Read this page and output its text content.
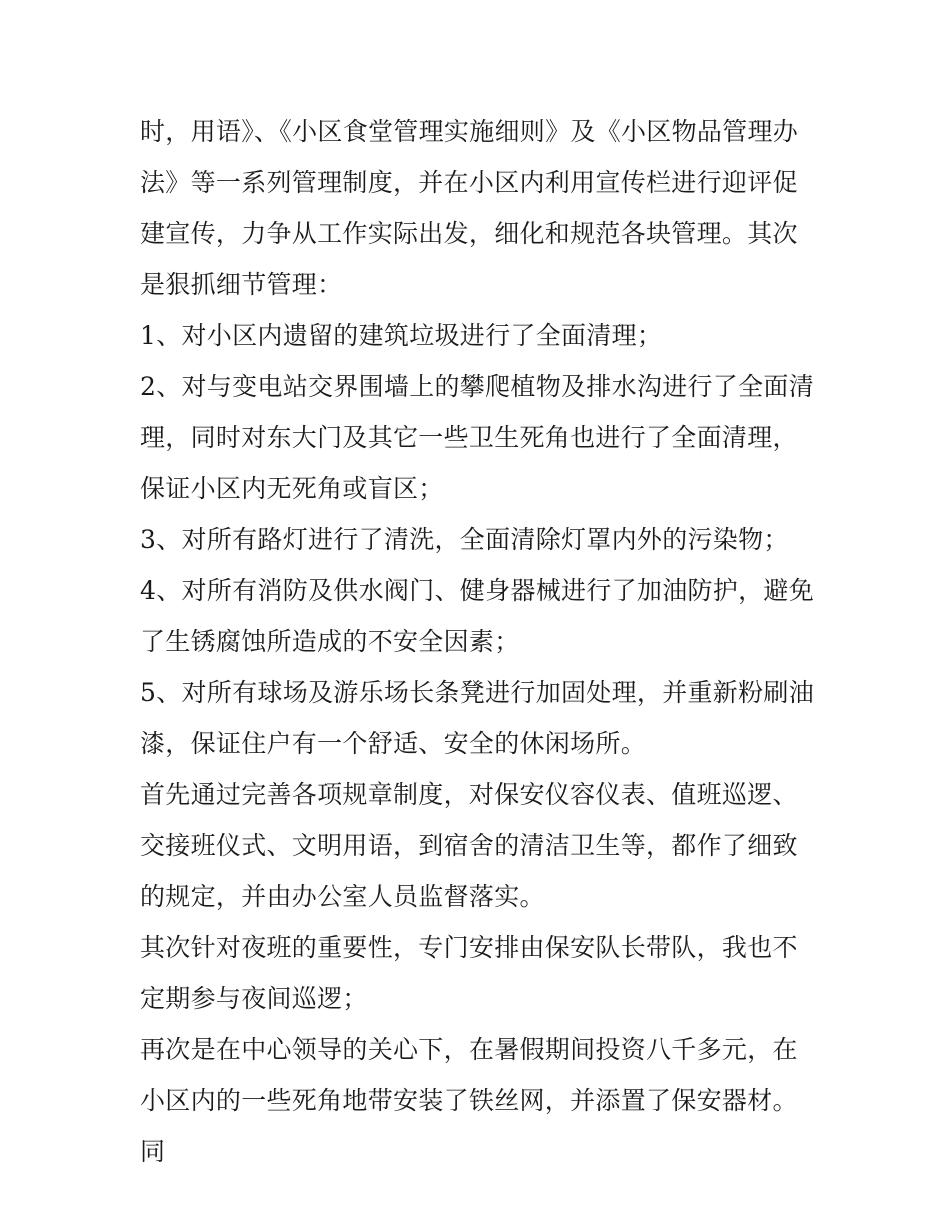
时，用语》、《小区食堂管理实施细则》及《小区物品管理办法》等一系列管理制度，并在小区内利用宣传栏进行迎评促建宣传，力争从工作实际出发，细化和规范各块管理。其次是狠抓细节管理：

1、对小区内遗留的建筑垃圾进行了全面清理；

2、对与变电站交界围墙上的攀爬植物及排水沟进行了全面清理，同时对东大门及其它一些卫生死角也进行了全面清理，保证小区内无死角或盲区；

3、对所有路灯进行了清洗，全面清除灯罩内外的污染物；

4、对所有消防及供水阀门、健身器械进行了加油防护，避免了生锈腐蚀所造成的不安全因素；

5、对所有球场及游乐场长条凳进行加固处理，并重新粉刷油漆，保证住户有一个舒适、安全的休闲场所。

首先通过完善各项规章制度，对保安仪容仪表、值班巡逻、交接班仪式、文明用语，到宿舍的清洁卫生等，都作了细致的规定，并由办公室人员监督落实。

其次针对夜班的重要性，专门安排由保安队长带队，我也不定期参与夜间巡逻；

再次是在中心领导的关心下，在暑假期间投资八千多元，在小区内的一些死角地带安装了铁丝网，并添置了保安器材。同
